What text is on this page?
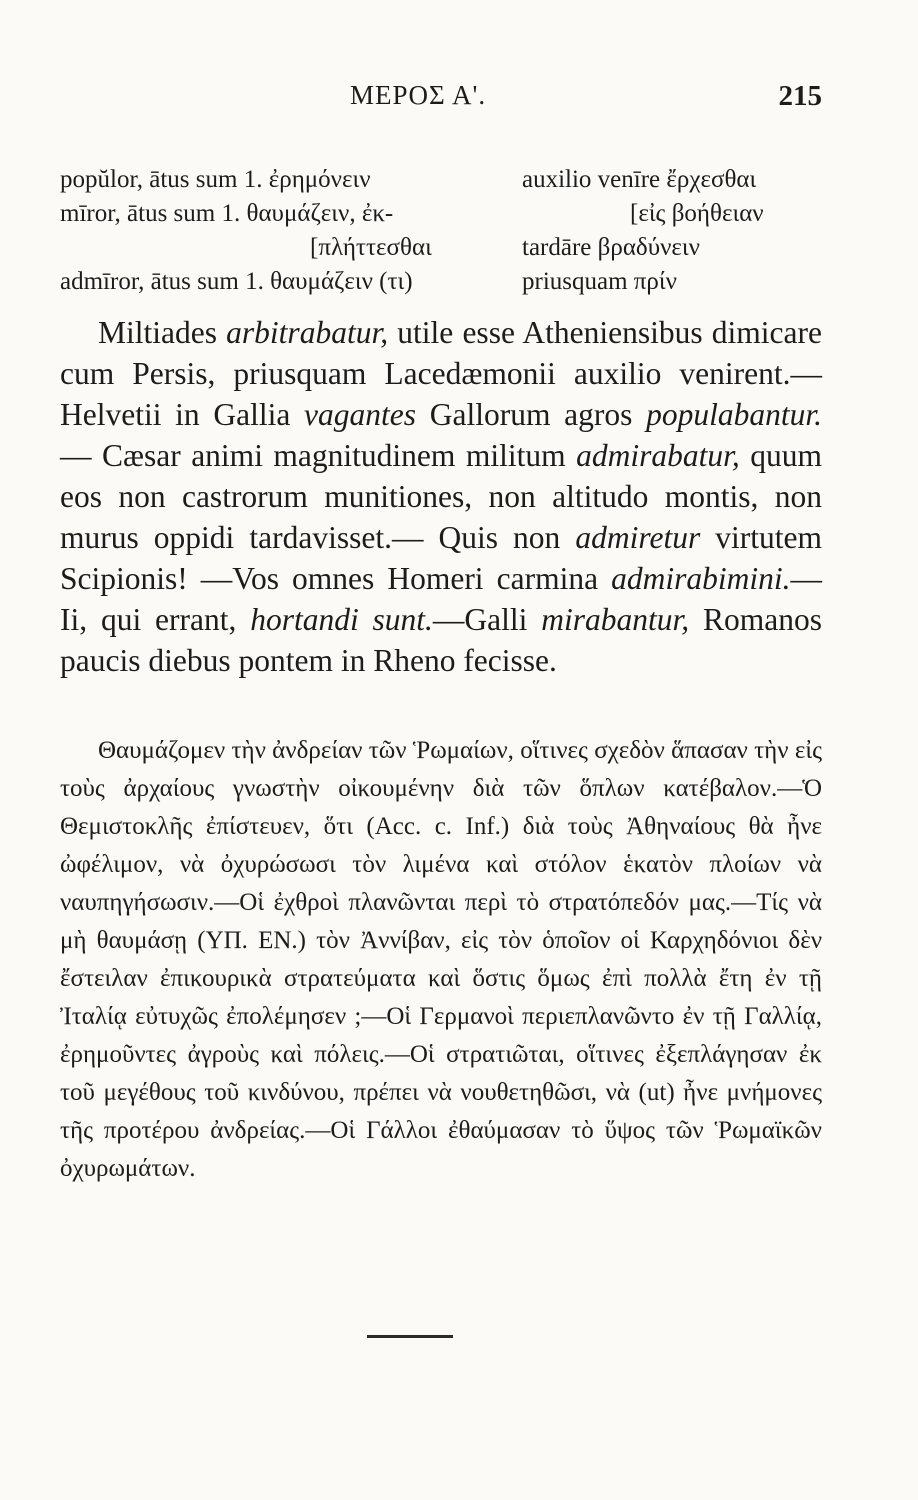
ΜΕΡΟΣ Α'.	215
popŭlor, ātus sum 1. ἐρημόνειν
mīror, ātus sum 1. θαυμάζειν, ἐκ-
[πλήττεσθαι
admīror, ātus sum 1. θαυμάζειν (τι)
auxilio venīre ἔρχεσθαι
[εἰς βοήθειαν
tardāre βραδύνειν
priusquam πρίν

Miltiades arbitrabatur, utile esse Atheniensibus dimicare cum Persis, priusquam Lacedæmonii auxilio venirent.—Helvetii in Gallia vagantes Gallorum agros populabantur. — Cæsar animi magnitudinem militum admirabatur, quum eos non castrorum munitiones, non altitudo montis, non murus oppidi tardavisset.— Quis non admiretur virtutem Scipionis! —Vos omnes Homeri carmina admirabimini.—Ii, qui errant, hortandi sunt.—Galli mirabantur, Romanos paucis diebus pontem in Rheno fecisse.

Θαυμάζομεν τὴν ἀνδρείαν τῶν Ῥωμαίων, οἵτινες σχεδὸν ἅπασαν τὴν εἰς τοὺς ἀρχαίους γνωστὴν οἰκουμένην διὰ τῶν ὅπλων κατέβαλον.—Ὁ Θεμιστοκλῆς ἐπίστευεν, ὅτι (Acc. c. Inf.) διὰ τοὺς Ἀθηναίους θὰ ἦνε ὠφέλιμον, νὰ ὀχυρώσωσι τὸν λιμένα καὶ στόλον ἑκατὸν πλοίων νὰ ναυπηγήσωσιν.—Οἱ ἐχθροὶ πλανῶνται περὶ τὸ στρατόπεδόν μας.—Τίς νὰ μὴ θαυμάσῃ (ΥΠ. ΕΝ.) τὸν Ἀννίβαν, εἰς τὸν ὁποῖον οἱ Καρχηδόνιοι δὲν ἔστειλαν ἐπικουρικὰ στρατεύματα καὶ ὅστις ὅμως ἐπὶ πολλὰ ἔτη ἐν τῇ Ἰταλίᾳ εὐτυχῶς ἐπολέμησεν ;—Οἱ Γερμανοὶ περιεπλανῶντο ἐν τῇ Γαλλίᾳ, ἐρημοῦντες ἀγροὺς καὶ πόλεις.—Οἱ στρατιῶται, οἵτινες ἐξεπλάγησαν ἐκ τοῦ μεγέθους τοῦ κινδύνου, πρέπει νὰ νουθετηθῶσι, νὰ (ut) ἦνε μνήμονες τῆς προτέρου ἀνδρείας.—Οἱ Γάλλοι ἐθαύμασαν τὸ ὕψος τῶν Ῥωμαϊκῶν ὀχυρωμάτων.
